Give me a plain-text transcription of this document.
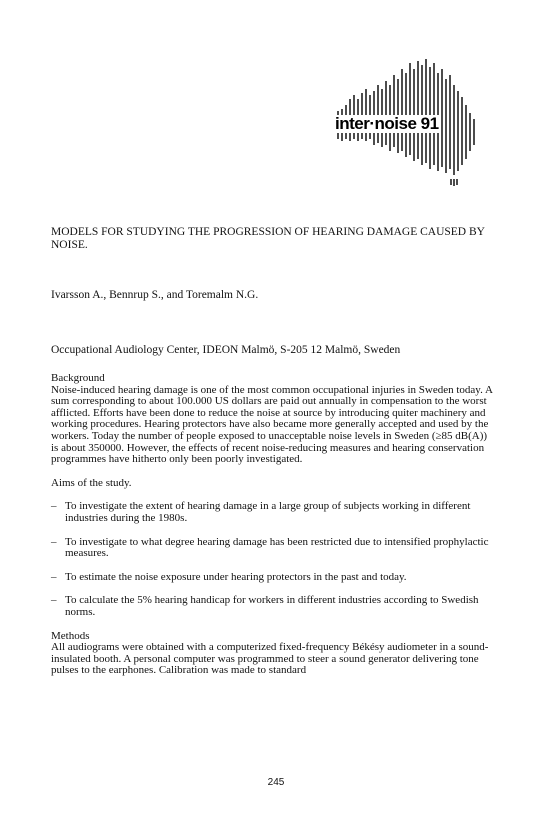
inter·noise 91
MODELS FOR STUDYING THE PROGRESSION OF HEARING DAMAGE CAUSED BY NOISE.
Ivarsson A., Bennrup S., and Toremalm N.G.
Occupational Audiology Center, IDEON Malmö, S-205 12 Malmö, Sweden
Background

Noise-induced hearing damage is one of the most common occupational injuries in Sweden today. A sum corresponding to about 100.000 US dollars are paid out annually in compensation to the worst afflicted. Efforts have been done to reduce the noise at source by introducing quiter machinery and working procedures. Hearing protectors have also became more generally accepted and used by the workers. Today the number of people exposed to unacceptable noise levels in Sweden (≥85 dB(A)) is about 350000. However, the effects of recent noise-reducing measures and hearing conservation programmes have hitherto only been poorly investigated.

Aims of the study.
– To investigate the extent of hearing damage in a large group of subjects working in different industries during the 1980s.
– To investigate to what degree hearing damage has been restricted due to intensified prophylactic measures.
– To estimate the noise exposure under hearing protectors in the past and today.
– To calculate the 5% hearing handicap for workers in different industries according to Swedish norms.
Methods

All audiograms were obtained with a computerized fixed-frequency Békésy audiometer in a sound-insulated booth. A personal computer was programmed to steer a sound generator delivering tone pulses to the earphones. Calibration was made to standard

245
